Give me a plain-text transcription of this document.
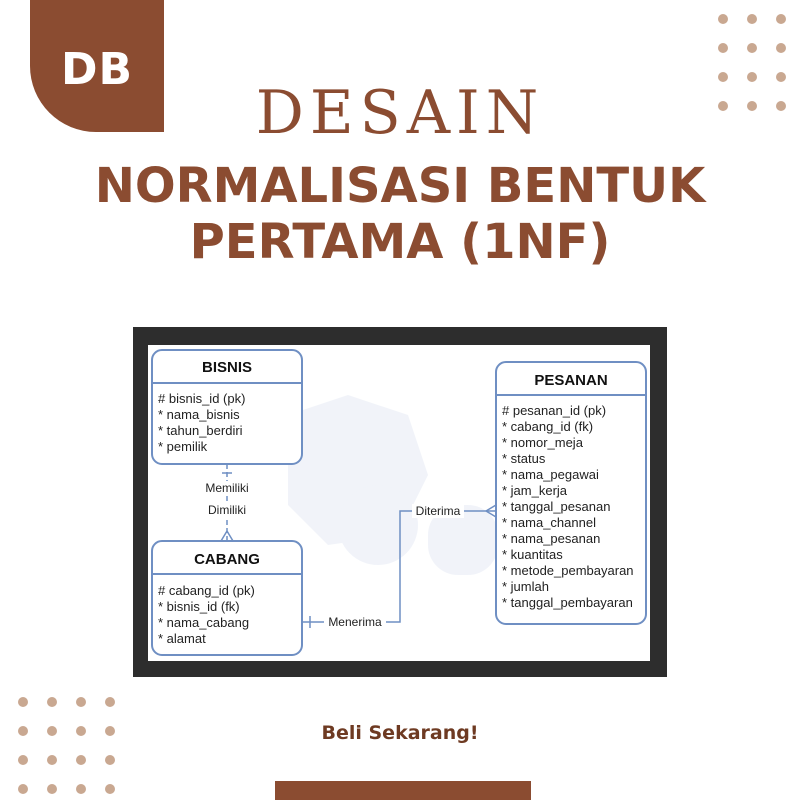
DB
DESAIN
NORMALISASI BENTUK
PERTAMA (1NF)
BISNIS
# bisnis_id (pk)
* nama_bisnis
* tahun_berdiri
* pemilik
CABANG
# cabang_id (pk)
* bisnis_id (fk)
* nama_cabang
* alamat
PESANAN
# pesanan_id (pk)
* cabang_id (fk)
* nomor_meja
* status
* nama_pegawai
* jam_kerja
* tanggal_pesanan
* nama_channel
* nama_pesanan
* kuantitas
* metode_pembayaran
* jumlah
* tanggal_pembayaran
Memiliki
Dimiliki
Menerima
Diterima
Beli Sekarang!
